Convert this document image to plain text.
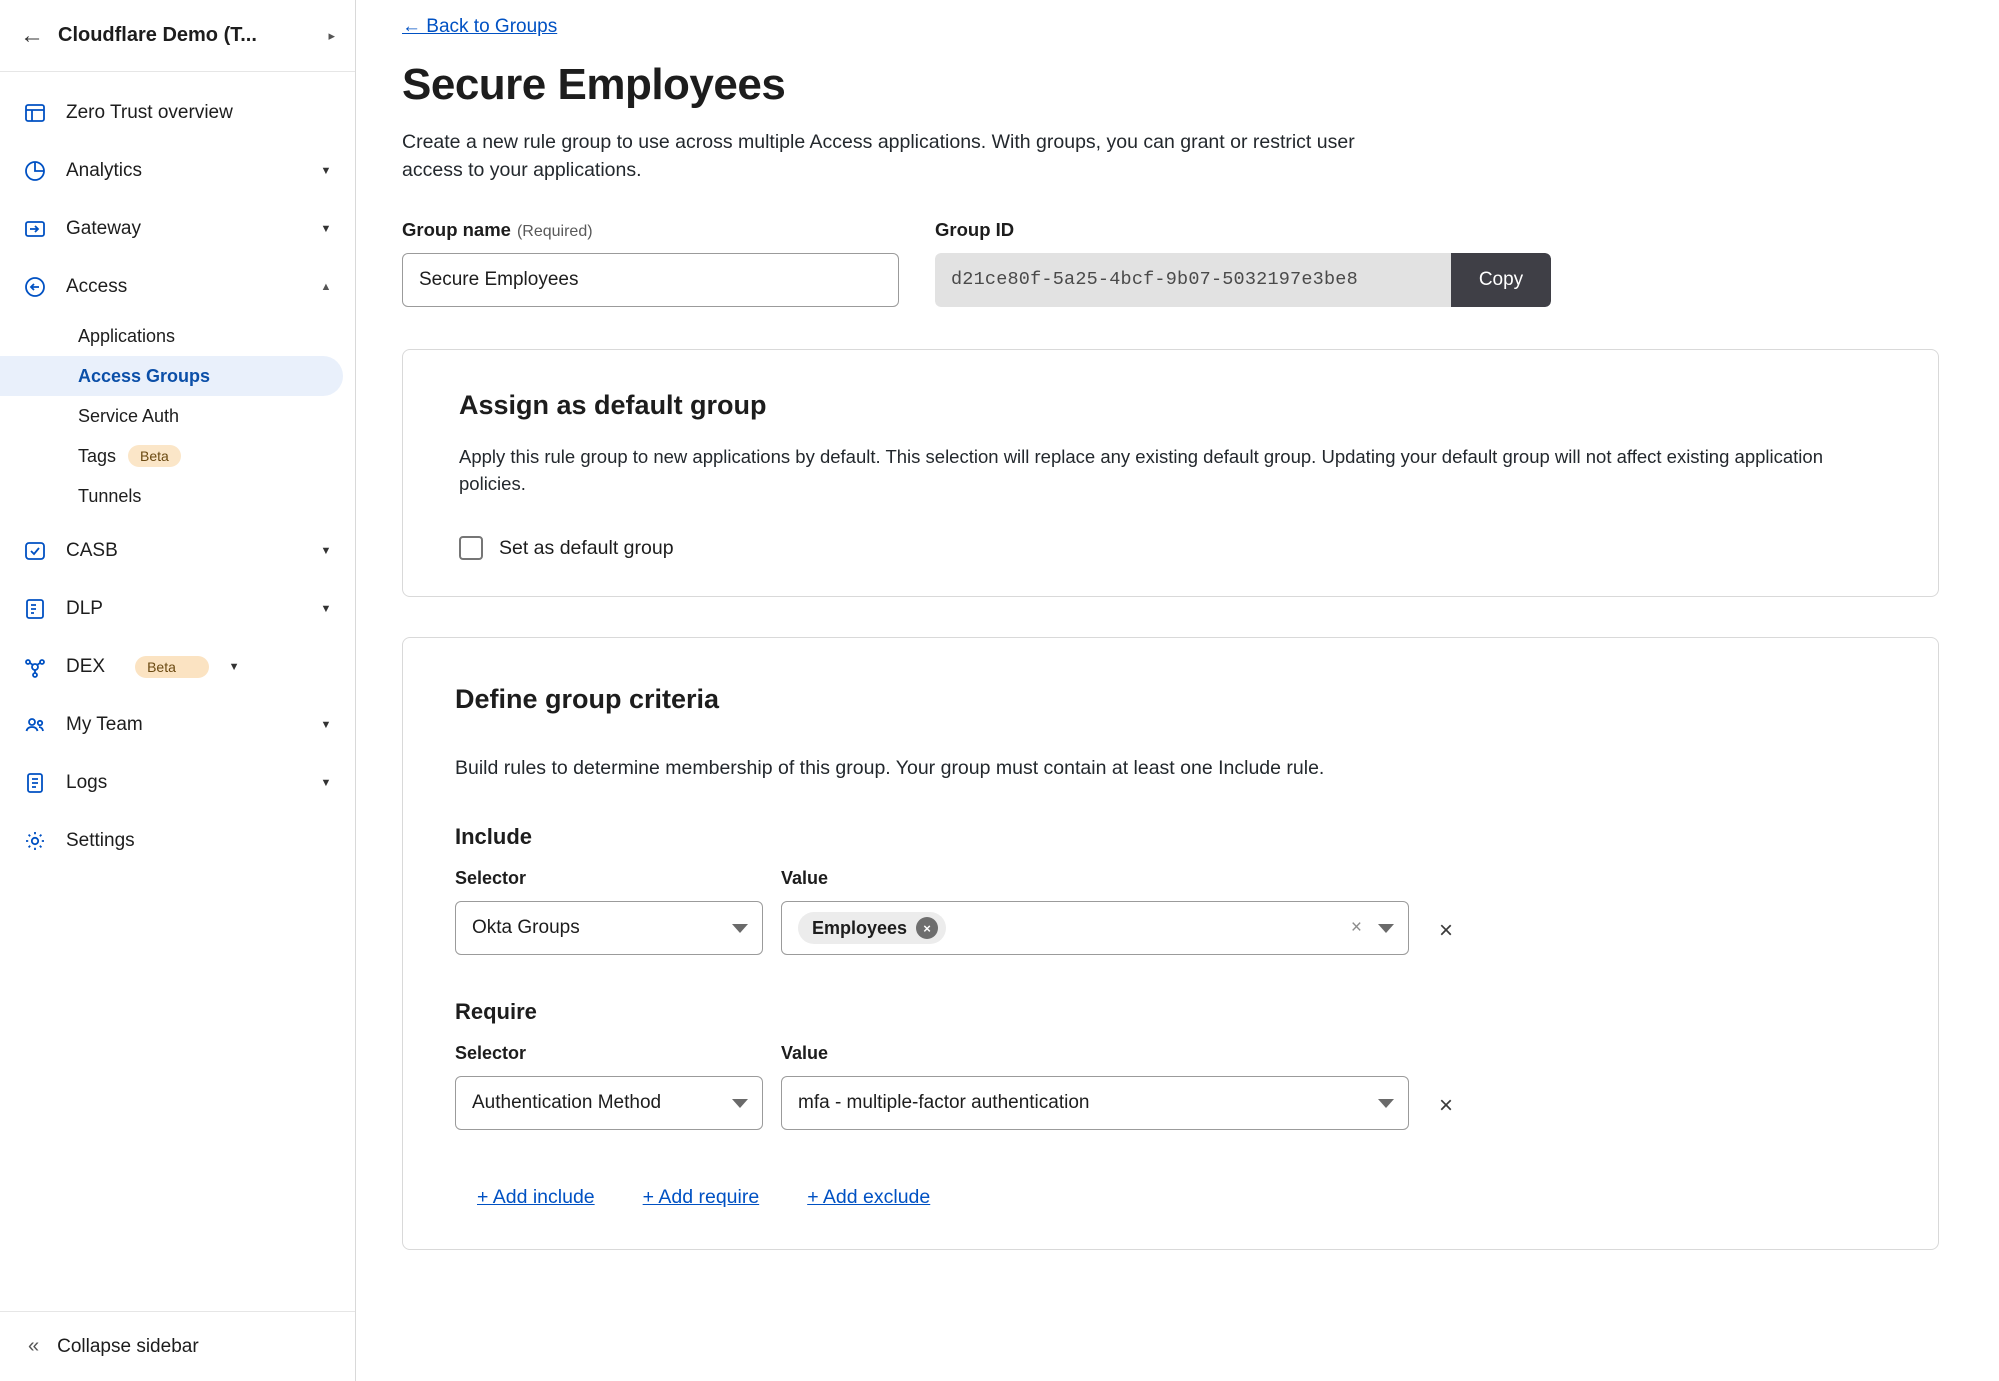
← Cloudflare Demo (T...	▸
Zero Trust overview
Analytics	▼
Gateway	▼
Access	▲
Applications
Access Groups
Service Auth
Tags	Beta
Tunnels
CASB	▼
DLP	▼
DEX	Beta	▼
My Team	▼
Logs	▼
Settings
« Collapse sidebar
← Back to Groups
Secure Employees

Create a new rule group to use across multiple Access applications. With groups, you can grant or restrict user access to your applications.

Group name (Required)
Secure Employees	Group ID
d21ce80f-5a25-4bcf-9b07-5032197e3be8	Copy
Assign as default group

Apply this rule group to new applications by default. This selection will replace any existing default group. Updating your default group will not affect existing application policies.

Set as default group
Define group criteria

Build rules to determine membership of this group. Your group must contain at least one Include rule.

Include
Selector
Okta Groups
Value
Employees	×	×	×
Require
Selector
Authentication Method
Value
mfa - multiple-factor authentication	×
+ Add include + Add require + Add exclude
